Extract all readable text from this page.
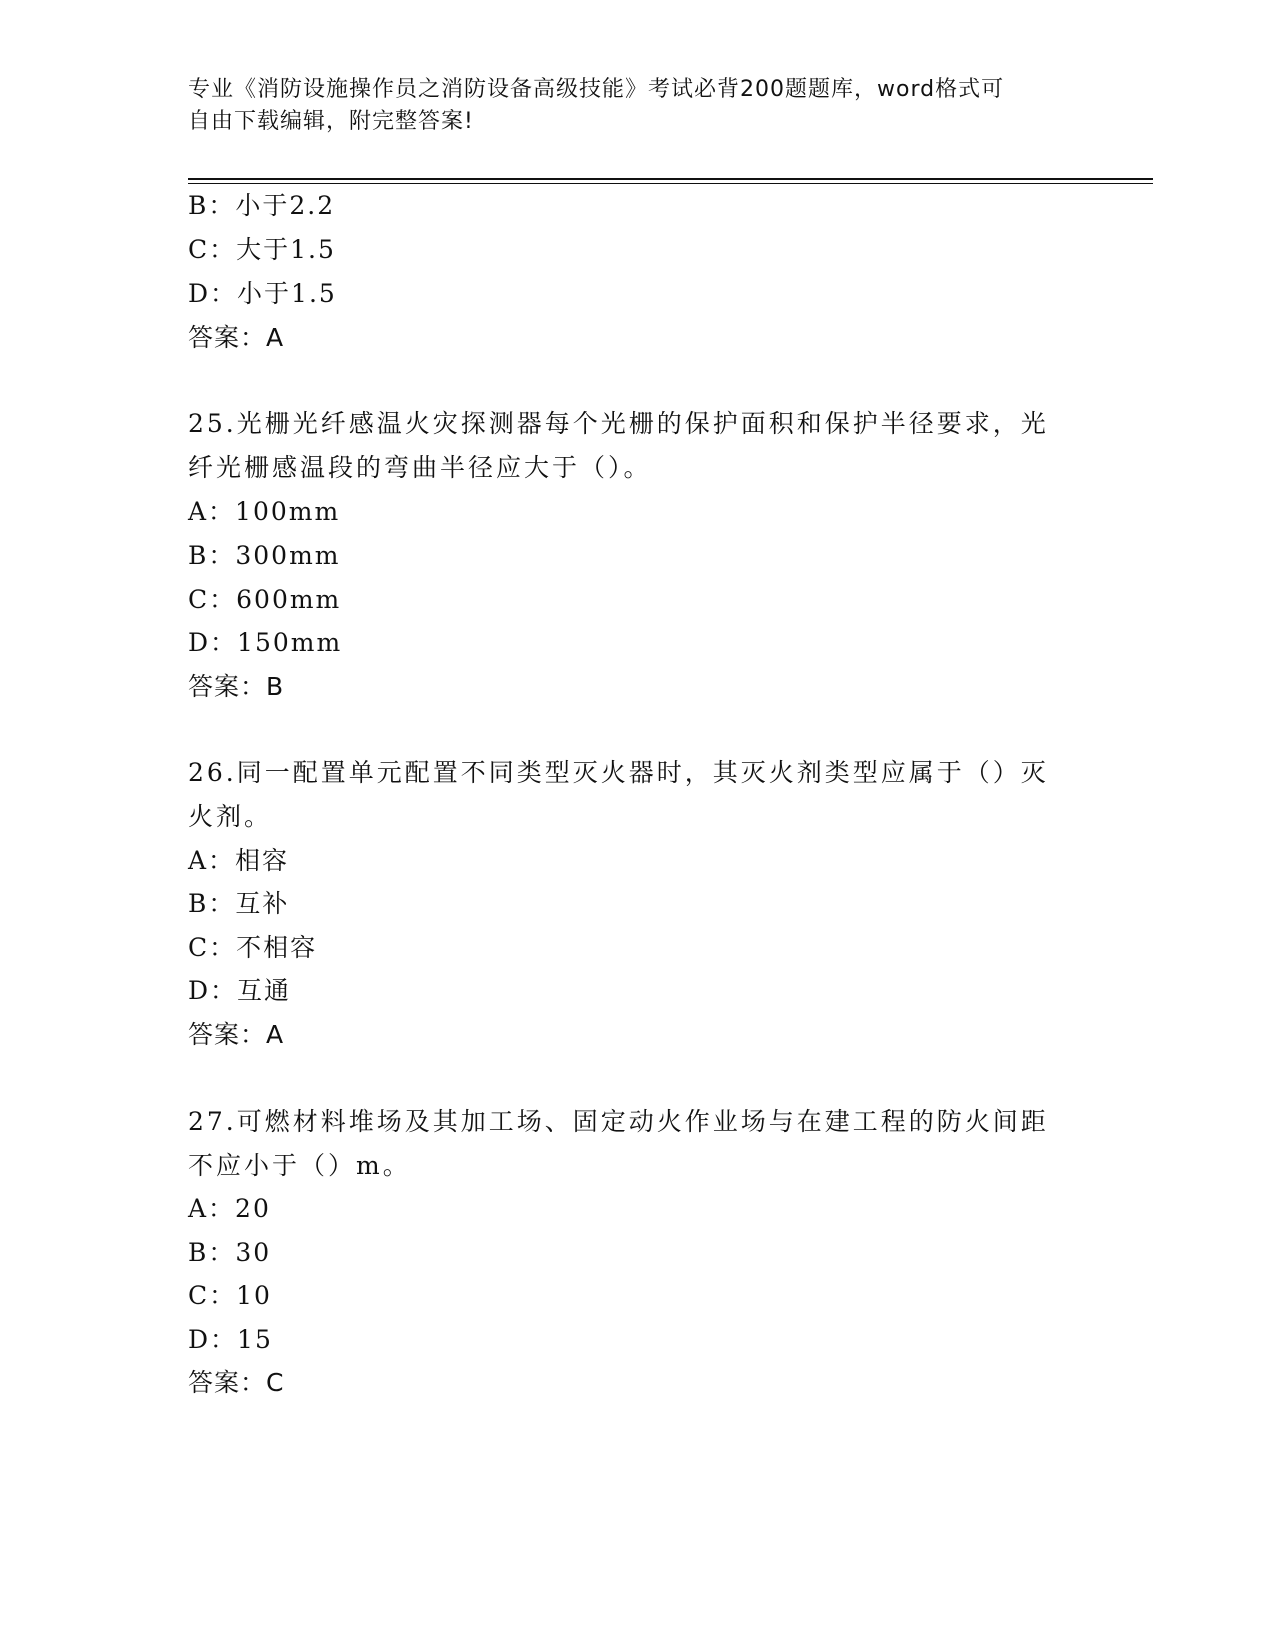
专业《消防设施操作员之消防设备高级技能》考试必背200题题库，word格式可
自由下载编辑，附完整答案!
B：小于2.2
C：大于1.5
D：小于1.5
答案：A
25.光栅光纤感温火灾探测器每个光栅的保护面积和保护半径要求，光
纤光栅感温段的弯曲半径应大于（）。
A：100mm
B：300mm
C：600mm
D：150mm
答案：B
26.同一配置单元配置不同类型灭火器时，其灭火剂类型应属于（）灭
火剂。
A：相容
B：互补
C：不相容
D：互通
答案：A
27.可燃材料堆场及其加工场、固定动火作业场与在建工程的防火间距
不应小于（）m。
A：20
B：30
C：10
D：15
答案：C
